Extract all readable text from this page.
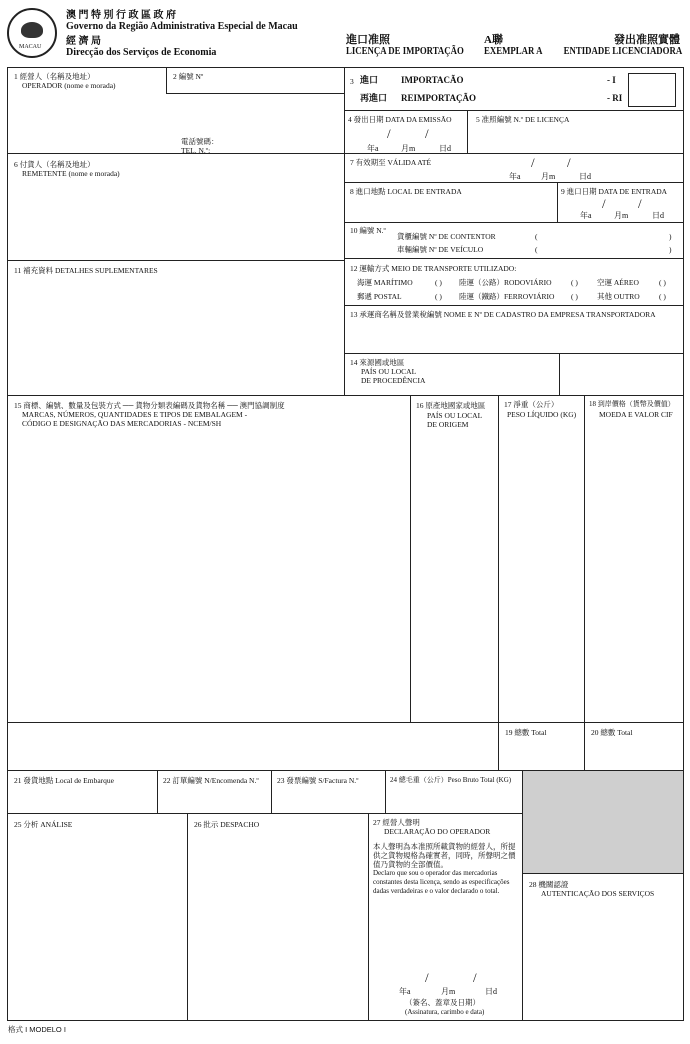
MACAU
澳 門 特 別 行 政 區 政 府
Governo da Região Administrativa Especial de Macau
經 濟 局
Direcção dos Serviços de Economia
進口准照
LICENÇA DE IMPORTAÇÃO
A聯
EXEMPLAR A
發出准照實體
ENTIDADE LICENCIADORA
1 經營人（名稱及地址）
OPERADOR (nome e morada)
電話號碼：
TEL. N.º:
2 編號 Nº
6 付貨人（名稱及地址）
REMETENTE (nome e morada)
11 補充資料 DETALHES SUPLEMENTARES
3 進口	IMPORTACÃO	- I
再進口 REIMPORTAÇÃO	- RI
4 發出日期 DATA DA EMISSÃO
/	/
年a	月m	日d
5 准照編號 N.º DE LICENÇA
7 有效期至 VÁLIDA ATÉ	/ /
年a	月m	日d
8 進口地點 LOCAL DE ENTRADA	9 進口日期 DATA DE ENTRADA
/ /
年a	月m	日d
10 編號 N.º
貨櫃編號 Nº DE CONTENTOR	(	)
車輛編號 Nº DE VEÍCULO	(	)
12 運輸方式 MEIO DE TRANSPORTE UTILIZADO:
海運 MARÍTIMO	( ) 陸運（公路）RODOVIÁRIO	( )	空運 AÉREO	( )
郵遞 POSTAL	( ) 陸運（鐵路）FERROVIÁRIO ( )	其他 OUTRO	( )
13 承運商名稱及營業稅編號 NOME E Nº DE CADASTRO DA EMPRESA TRANSPORTADORA
14 來源國或地區
PAÍS OU LOCAL
DE PROCEDÊNCIA
15 商標、編號、數量及包裝方式 ── 貨物分類表編碼及貨物名稱 ── 澳門協調制度
MARCAS, NÚMEROS, QUANTIDADES E TIPOS DE EMBALAGEM -
CÓDIGO E DESIGNAÇÃO DAS MERCADORIAS - NCEM/SH
16 原產地國家或地區
PAÍS OU LOCAL
DE ORIGEM
17 淨重（公斤）
PESO LÍQUIDO (KG)
18 到岸價格（貨幣及價值）
MOEDA E VALOR CIF
19 總數 Total	20 總數 Total
21 發貨地點 Local de Embarque	22 訂單編號 N/Encomenda N.º 23 發票編號 S/Factura N.º	24 總毛重（公斤）Peso Bruto Total (KG)
25 分析 ANÁLISE	26 批示 DESPACHO	27 經營人聲明
DECLARAÇÃO DO OPERADOR
本人聲明為本准照所載貨物的經營人，所提供之貨物規格為確實者，同時，所聲明之價值乃貨物的全部價值。
Declaro que sou o operador das mercadorias constantes desta licença, sendo as especificações dadas verdadeiras e o valor declarado o total.
/	/
年a	月m	日d
（簽名、蓋章及日期）
(Assinatura, carimbo e data)
28 機關認證
AUTENTICAÇÃO DOS SERVIÇOS
格式 I MODELO I
